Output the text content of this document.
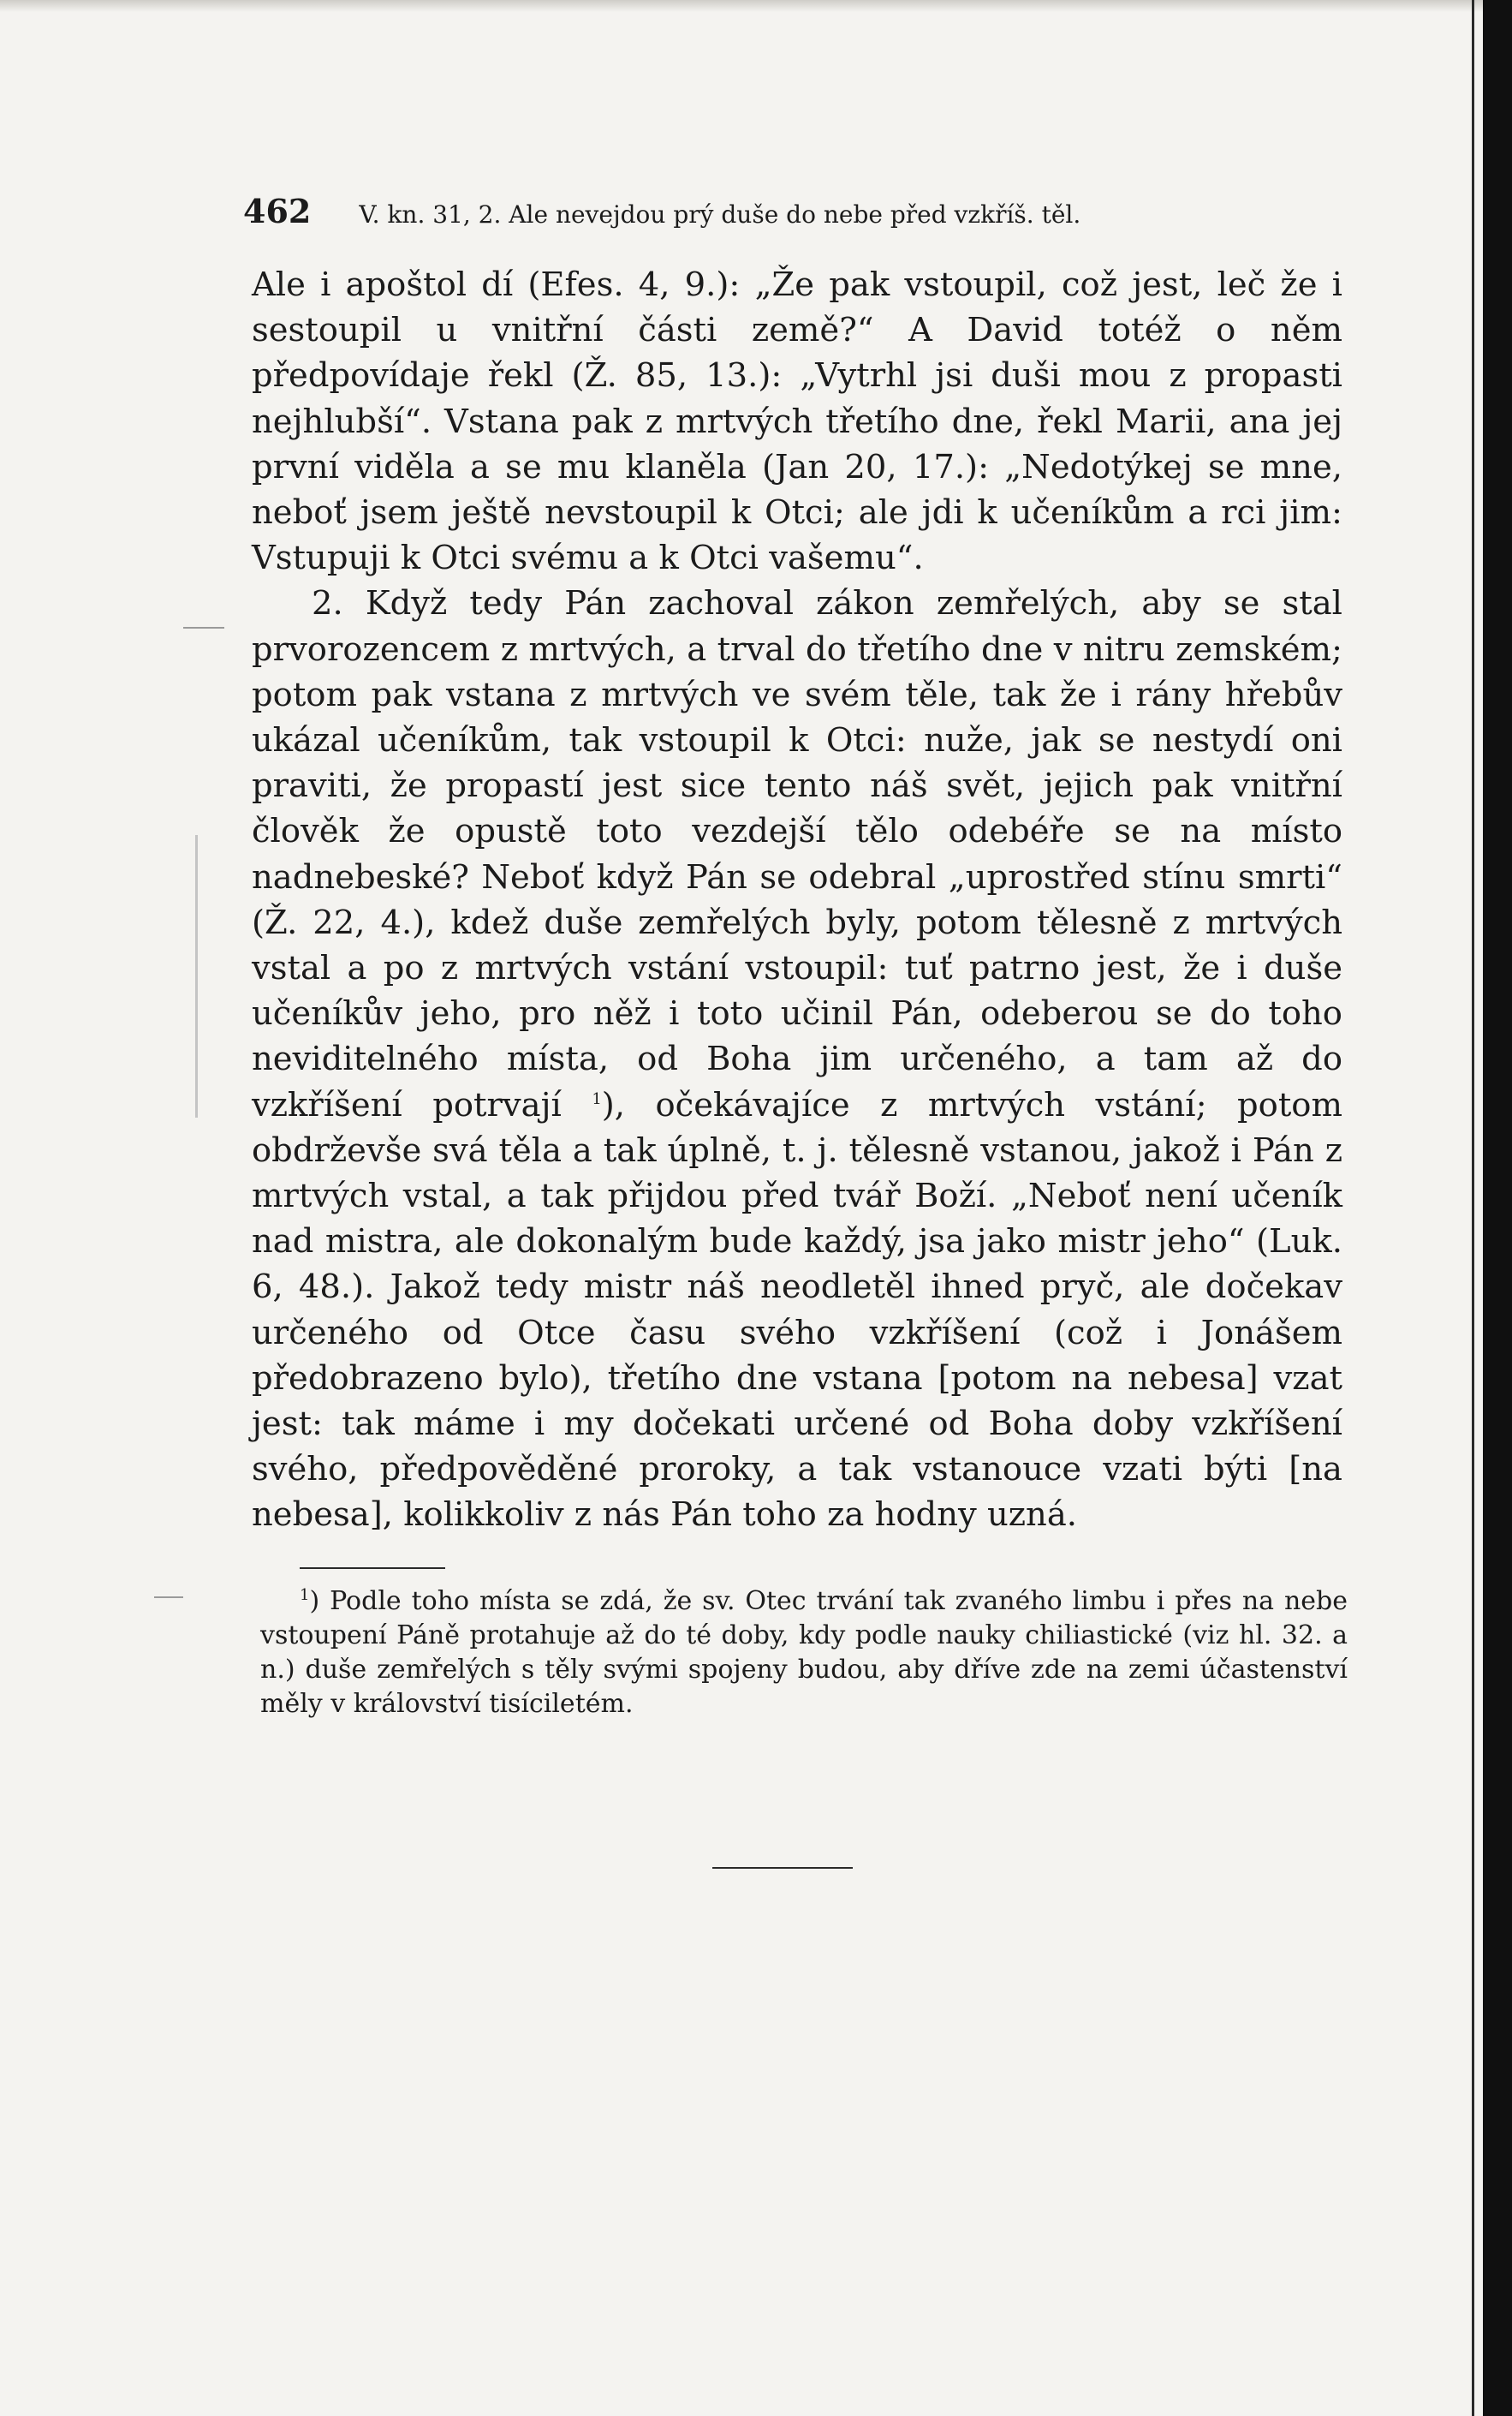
462 V. kn. 31, 2. Ale nevejdou prý duše do nebe před vzkříš. těl.

Ale i apoštol dí (Efes. 4, 9.): „Že pak vstoupil, což jest, leč že i sestoupil u vnitřní části země?“ A David totéž o něm předpovídaje řekl (Ž. 85, 13.): „Vytrhl jsi duši mou z propasti nejhlubší“. Vstana pak z mrtvých třetího dne, řekl Marii, ana jej první viděla a se mu klaněla (Jan 20, 17.): „Nedotýkej se mne, neboť jsem ještě nevstoupil k Otci; ale jdi k učeníkům a rci jim: Vstupuji k Otci svému a k Otci vašemu“.

2. Když tedy Pán zachoval zákon zemřelých, aby se stal prvorozencem z mrtvých, a trval do třetího dne v nitru zemském; potom pak vstana z mrtvých ve svém těle, tak že i rány hřebův ukázal učeníkům, tak vstoupil k Otci: nuže, jak se nestydí oni praviti, že propastí jest sice tento náš svět, jejich pak vnitřní člověk že opustě toto vezdejší tělo odebéře se na místo nadnebeské? Neboť když Pán se odebral „uprostřed stínu smrti“ (Ž. 22, 4.), kdež duše zemřelých byly, potom tělesně z mrtvých vstal a po z mrtvých vstání vstoupil: tuť patrno jest, že i duše učeníkův jeho, pro něž i toto učinil Pán, odeberou se do toho neviditelného místa, od Boha jim určeného, a tam až do vzkříšení potrvají $^1$), očekávajíce z mrtvých vstání; potom obdrževše svá těla a tak úplně, t. j. tělesně vstanou, jakož i Pán z mrtvých vstal, a tak přijdou před tvář Boží. „Neboť není učeník nad mistra, ale dokonalým bude každý, jsa jako mistr jeho“ (Luk. 6, 48.). Jakož tedy mistr náš neodletěl ihned pryč, ale dočekav určeného od Otce času svého vzkříšení (což i Jonášem předobrazeno bylo), třetího dne vstana [potom na nebesa] vzat jest: tak máme i my dočekati určené od Boha doby vzkříšení svého, předpověděné proroky, a tak vstanouce vzati býti [na nebesa], kolikkoliv z nás Pán toho za hodny uzná.

$^1$) Podle toho místa se zdá, že sv. Otec trvání tak zvaného limbu i přes na nebe vstoupení Páně protahuje až do té doby, kdy podle nauky chiliastické (viz hl. 32. a n.) duše zemřelých s těly svými spojeny budou, aby dříve zde na zemi účastenství měly v království tisíciletém.
